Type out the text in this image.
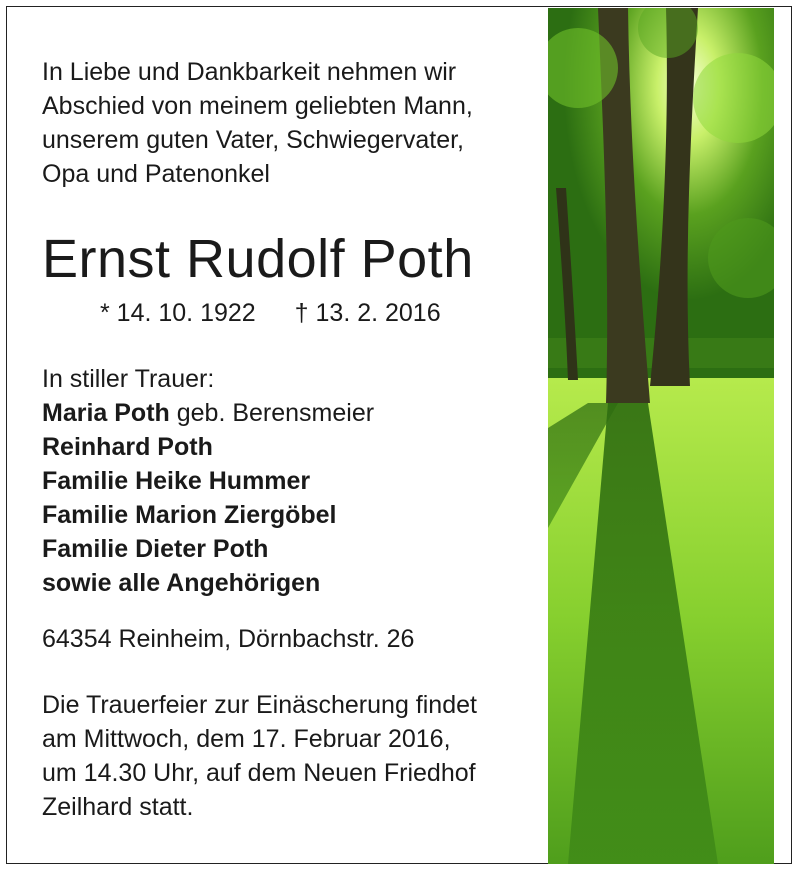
In Liebe und Dankbarkeit nehmen wir
Abschied von meinem geliebten Mann,
unserem guten Vater, Schwiegervater,
Opa und Patenonkel
Ernst Rudolf Poth
* 14. 10. 1922 † 13. 2. 2016
In stiller Trauer:
Maria Poth geb. Berensmeier
Reinhard Poth
Familie Heike Hummer
Familie Marion Ziergöbel
Familie Dieter Poth
sowie alle Angehörigen
64354 Reinheim, Dörnbachstr. 26
Die Trauerfeier zur Einäscherung findet
am Mittwoch, dem 17. Februar 2016,
um 14.30 Uhr, auf dem Neuen Friedhof
Zeilhard statt.
